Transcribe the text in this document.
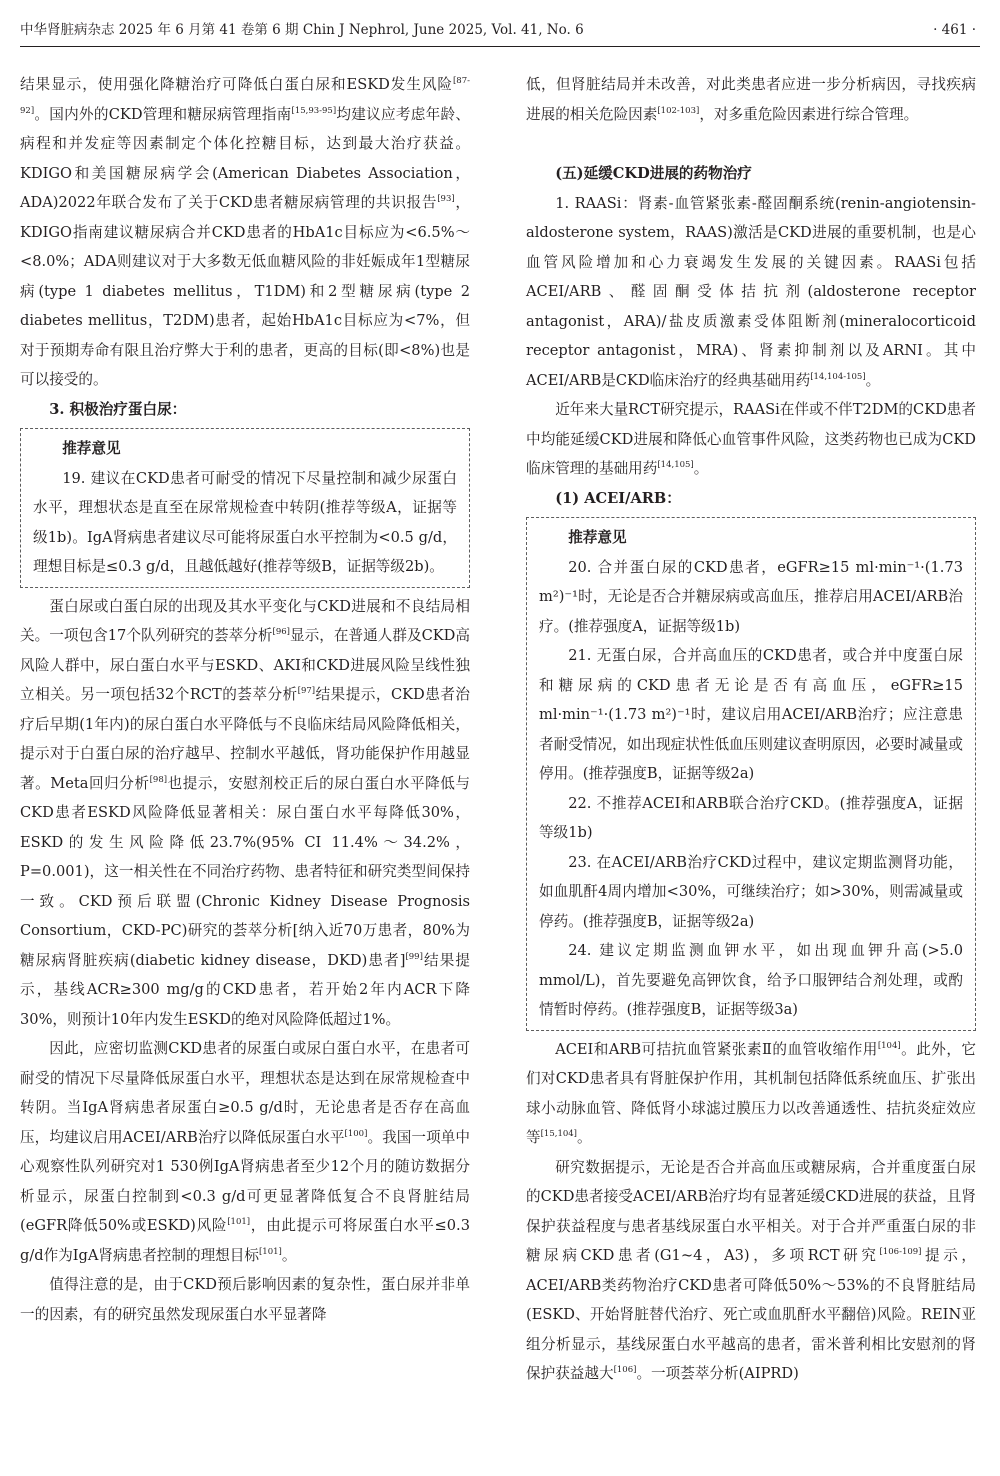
中华肾脏病杂志 2025 年 6 月第 41 卷第 6 期 Chin J Nephrol, June 2025, Vol. 41, No. 6	· 461 ·

结果显示，使用强化降糖治疗可降低白蛋白尿和ESKD发生风险[87-92]。国内外的CKD管理和糖尿病管理指南[15,93-95]均建议应考虑年龄、病程和并发症等因素制定个体化控糖目标，达到最大治疗获益。KDIGO和美国糖尿病学会(American Diabetes Association，ADA)2022年联合发布了关于CKD患者糖尿病管理的共识报告[93]，KDIGO指南建议糖尿病合并CKD患者的HbA1c目标应为<6.5%～<8.0%；ADA则建议对于大多数无低血糖风险的非妊娠成年1型糖尿病(type 1 diabetes mellitus，T1DM)和2型糖尿病(type 2 diabetes mellitus，T2DM)患者，起始HbA1c目标应为<7%，但对于预期寿命有限且治疗弊大于利的患者，更高的目标(即<8%)也是可以接受的。

3. 积极治疗蛋白尿：

推荐意见

19. 建议在CKD患者可耐受的情况下尽量控制和减少尿蛋白水平，理想状态是直至在尿常规检查中转阴(推荐等级A，证据等级1b)。IgA肾病患者建议尽可能将尿蛋白水平控制为<0.5 g/d，理想目标是≤0.3 g/d，且越低越好(推荐等级B，证据等级2b)。

蛋白尿或白蛋白尿的出现及其水平变化与CKD进展和不良结局相关。一项包含17个队列研究的荟萃分析[96]显示，在普通人群及CKD高风险人群中，尿白蛋白水平与ESKD、AKI和CKD进展风险呈线性独立相关。另一项包括32个RCT的荟萃分析[97]结果提示，CKD患者治疗后早期(1年内)的尿白蛋白水平降低与不良临床结局风险降低相关，提示对于白蛋白尿的治疗越早、控制水平越低，肾功能保护作用越显著。Meta回归分析[98]也提示，安慰剂校正后的尿白蛋白水平降低与CKD患者ESKD风险降低显著相关：尿白蛋白水平每降低30%，ESKD的发生风险降低23.7%(95% CI 11.4%～34.2%，P=0.001)，这一相关性在不同治疗药物、患者特征和研究类型间保持一致。CKD预后联盟(Chronic Kidney Disease Prognosis Consortium，CKD-PC)研究的荟萃分析[纳入近70万患者，80%为糖尿病肾脏疾病(diabetic kidney disease，DKD)患者][99]结果提示，基线ACR≥300 mg/g的CKD患者，若开始2年内ACR下降30%，则预计10年内发生ESKD的绝对风险降低超过1%。

因此，应密切监测CKD患者的尿蛋白或尿白蛋白水平，在患者可耐受的情况下尽量降低尿蛋白水平，理想状态是达到在尿常规检查中转阴。当IgA肾病患者尿蛋白≥0.5 g/d时，无论患者是否存在高血压，均建议启用ACEI/ARB治疗以降低尿蛋白水平[100]。我国一项单中心观察性队列研究对1 530例IgA肾病患者至少12个月的随访数据分析显示，尿蛋白控制到<0.3 g/d可更显著降低复合不良肾脏结局(eGFR降低50%或ESKD)风险[101]，由此提示可将尿蛋白水平≤0.3 g/d作为IgA肾病患者控制的理想目标[101]。

值得注意的是，由于CKD预后影响因素的复杂性，蛋白尿并非单一的因素，有的研究虽然发现尿蛋白水平显著降

低，但肾脏结局并未改善，对此类患者应进一步分析病因，寻找疾病进展的相关危险因素[102-103]，对多重危险因素进行综合管理。

(五)延缓CKD进展的药物治疗

1. RAASi：肾素-血管紧张素-醛固酮系统(renin-angiotensin-aldosterone system，RAAS)激活是CKD进展的重要机制，也是心血管风险增加和心力衰竭发生发展的关键因素。RAASi包括ACEI/ARB、醛固酮受体拮抗剂(aldosterone receptor antagonist，ARA)/盐皮质激素受体阻断剂(mineralocorticoid receptor antagonist，MRA)、肾素抑制剂以及ARNI。其中ACEI/ARB是CKD临床治疗的经典基础用药[14,104-105]。

近年来大量RCT研究提示，RAASi在伴或不伴T2DM的CKD患者中均能延缓CKD进展和降低心血管事件风险，这类药物也已成为CKD临床管理的基础用药[14,105]。

(1) ACEI/ARB：

推荐意见

20. 合并蛋白尿的CKD患者，eGFR≥15 ml·min⁻¹·(1.73 m²)⁻¹时，无论是否合并糖尿病或高血压，推荐启用ACEI/ARB治疗。(推荐强度A，证据等级1b)

21. 无蛋白尿，合并高血压的CKD患者，或合并中度蛋白尿和糖尿病的CKD患者无论是否有高血压，eGFR≥15 ml·min⁻¹·(1.73 m²)⁻¹时，建议启用ACEI/ARB治疗；应注意患者耐受情况，如出现症状性低血压则建议查明原因，必要时减量或停用。(推荐强度B，证据等级2a)

22. 不推荐ACEI和ARB联合治疗CKD。(推荐强度A，证据等级1b)

23. 在ACEI/ARB治疗CKD过程中，建议定期监测肾功能，如血肌酐4周内增加<30%，可继续治疗；如>30%，则需减量或停药。(推荐强度B，证据等级2a)

24. 建议定期监测血钾水平，如出现血钾升高(>5.0 mmol/L)，首先要避免高钾饮食，给予口服钾结合剂处理，或酌情暂时停药。(推荐强度B，证据等级3a)

ACEI和ARB可拮抗血管紧张素Ⅱ的血管收缩作用[104]。此外，它们对CKD患者具有肾脏保护作用，其机制包括降低系统血压、扩张出球小动脉血管、降低肾小球滤过膜压力以改善通透性、拮抗炎症效应等[15,104]。

研究数据提示，无论是否合并高血压或糖尿病，合并重度蛋白尿的CKD患者接受ACEI/ARB治疗均有显著延缓CKD进展的获益，且肾保护获益程度与患者基线尿蛋白水平相关。对于合并严重蛋白尿的非糖尿病CKD患者(G1~4，A3)，多项RCT研究[106-109]提示，ACEI/ARB类药物治疗CKD患者可降低50%～53%的不良肾脏结局(ESKD、开始肾脏替代治疗、死亡或血肌酐水平翻倍)风险。REIN亚组分析显示，基线尿蛋白水平越高的患者，雷米普利相比安慰剂的肾保护获益越大[106]。一项荟萃分析(AIPRD)
